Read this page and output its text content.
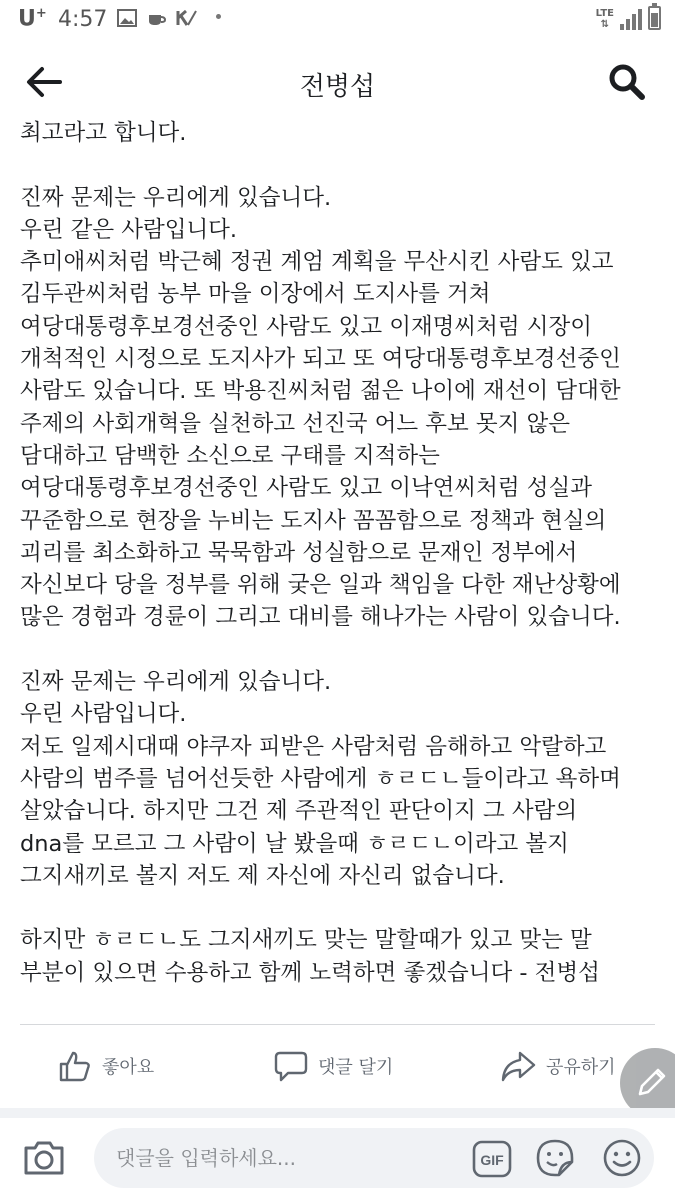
U+ 4:57	LTE
⇅
전병섭

최고라고 합니다.

진짜 문제는 우리에게 있습니다.

우린 같은 사람입니다.

추미애씨처럼 박근혜 정권 계엄 계획을 무산시킨 사람도 있고

김두관씨처럼 농부 마을 이장에서 도지사를 거쳐

여당대통령후보경선중인 사람도 있고 이재명씨처럼 시장이

개척적인 시정으로 도지사가 되고 또 여당대통령후보경선중인

사람도 있습니다. 또 박용진씨처럼 젊은 나이에 재선이 담대한

주제의 사회개혁을 실천하고 선진국 어느 후보 못지 않은

담대하고 담백한 소신으로 구태를 지적하는

여당대통령후보경선중인 사람도 있고 이낙연씨처럼 성실과

꾸준함으로 현장을 누비는 도지사 꼼꼼함으로 정책과 현실의

괴리를 최소화하고 묵묵함과 성실함으로 문재인 정부에서

자신보다 당을 정부를 위해 궂은 일과 책임을 다한 재난상황에

많은 경험과 경륜이 그리고 대비를 해나가는 사람이 있습니다.

진짜 문제는 우리에게 있습니다.

우린 사람입니다.

저도 일제시대때 야쿠자 피받은 사람처럼 음해하고 악랄하고

사람의 범주를 넘어선듯한 사람에게 ㅎㄹㄷㄴ들이라고 욕하며

살았습니다. 하지만 그건 제 주관적인 판단이지 그 사람의

dna를 모르고 그 사람이 날 봤을때 ㅎㄹㄷㄴ이라고 볼지

그지새끼로 볼지 저도 제 자신에 자신리 없습니다.

하지만 ㅎㄹㄷㄴ도 그지새끼도 맞는 말할때가 있고 맞는 말

부분이 있으면 수용하고 함께 노력하면 좋겠습니다 - 전병섭

좋아요	댓글 달기	공유하기
댓글을 입력하세요...
GIF
